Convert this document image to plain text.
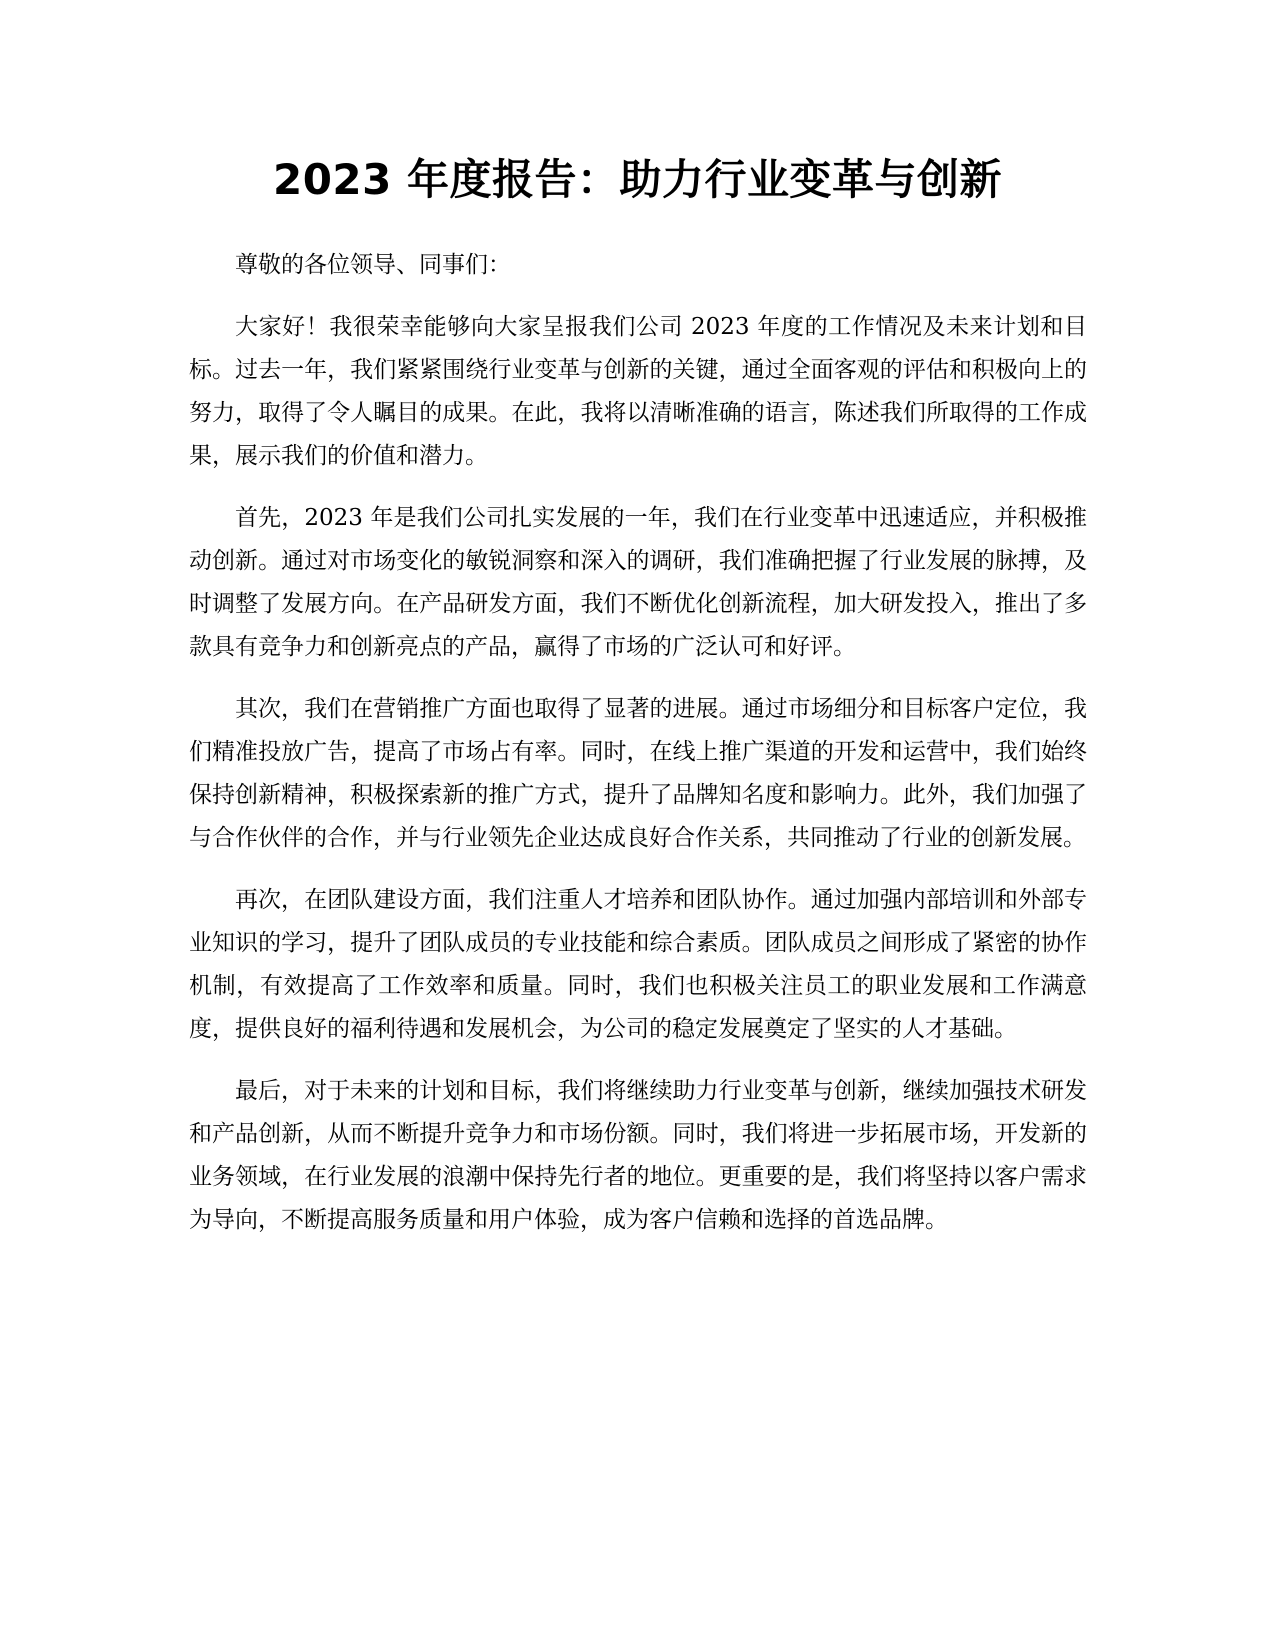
2023 年度报告：助力行业变革与创新

尊敬的各位领导、同事们：

大家好！我很荣幸能够向大家呈报我们公司 2023 年度的工作情况及未来计划和目标。过去一年，我们紧紧围绕行业变革与创新的关键，通过全面客观的评估和积极向上的努力，取得了令人瞩目的成果。在此，我将以清晰准确的语言，陈述我们所取得的工作成果，展示我们的价值和潜力。

首先，2023 年是我们公司扎实发展的一年，我们在行业变革中迅速适应，并积极推动创新。通过对市场变化的敏锐洞察和深入的调研，我们准确把握了行业发展的脉搏，及时调整了发展方向。在产品研发方面，我们不断优化创新流程，加大研发投入，推出了多款具有竞争力和创新亮点的产品，赢得了市场的广泛认可和好评。

其次，我们在营销推广方面也取得了显著的进展。通过市场细分和目标客户定位，我们精准投放广告，提高了市场占有率。同时，在线上推广渠道的开发和运营中，我们始终保持创新精神，积极探索新的推广方式，提升了品牌知名度和影响力。此外，我们加强了与合作伙伴的合作，并与行业领先企业达成良好合作关系，共同推动了行业的创新发展。

再次，在团队建设方面，我们注重人才培养和团队协作。通过加强内部培训和外部专业知识的学习，提升了团队成员的专业技能和综合素质。团队成员之间形成了紧密的协作机制，有效提高了工作效率和质量。同时，我们也积极关注员工的职业发展和工作满意度，提供良好的福利待遇和发展机会，为公司的稳定发展奠定了坚实的人才基础。

最后，对于未来的计划和目标，我们将继续助力行业变革与创新，继续加强技术研发和产品创新，从而不断提升竞争力和市场份额。同时，我们将进一步拓展市场，开发新的业务领域，在行业发展的浪潮中保持先行者的地位。更重要的是，我们将坚持以客户需求为导向，不断提高服务质量和用户体验，成为客户信赖和选择的首选品牌。
